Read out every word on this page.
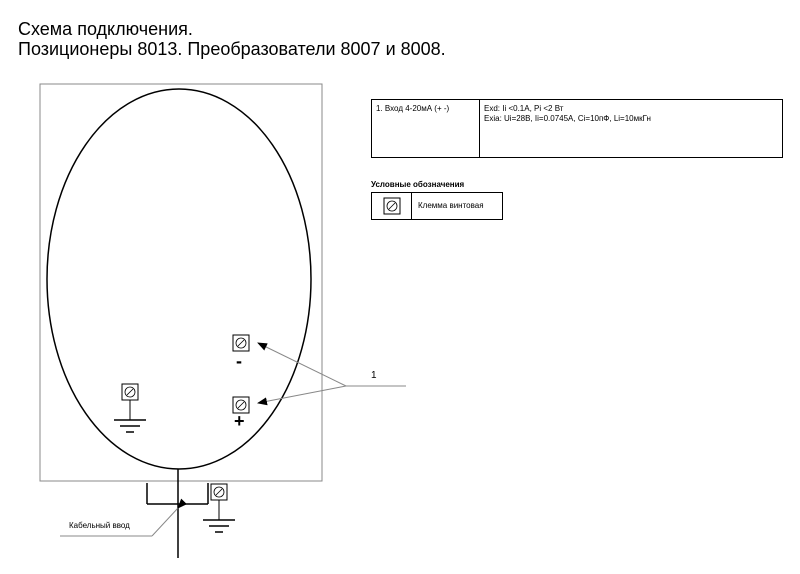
Схема подключения.
Позиционеры 8013. Преобразователи 8007 и 8008.
-
+
1
Кабельный ввод
1. Вход 4-20мА (+ -)	Exd: Ii <0.1A, Pi <2 Вт
Exia: Ui=28B, Ii=0.0745A, Ci=10пФ, Li=10мкГн
Условные обозначения
Клемма винтовая
